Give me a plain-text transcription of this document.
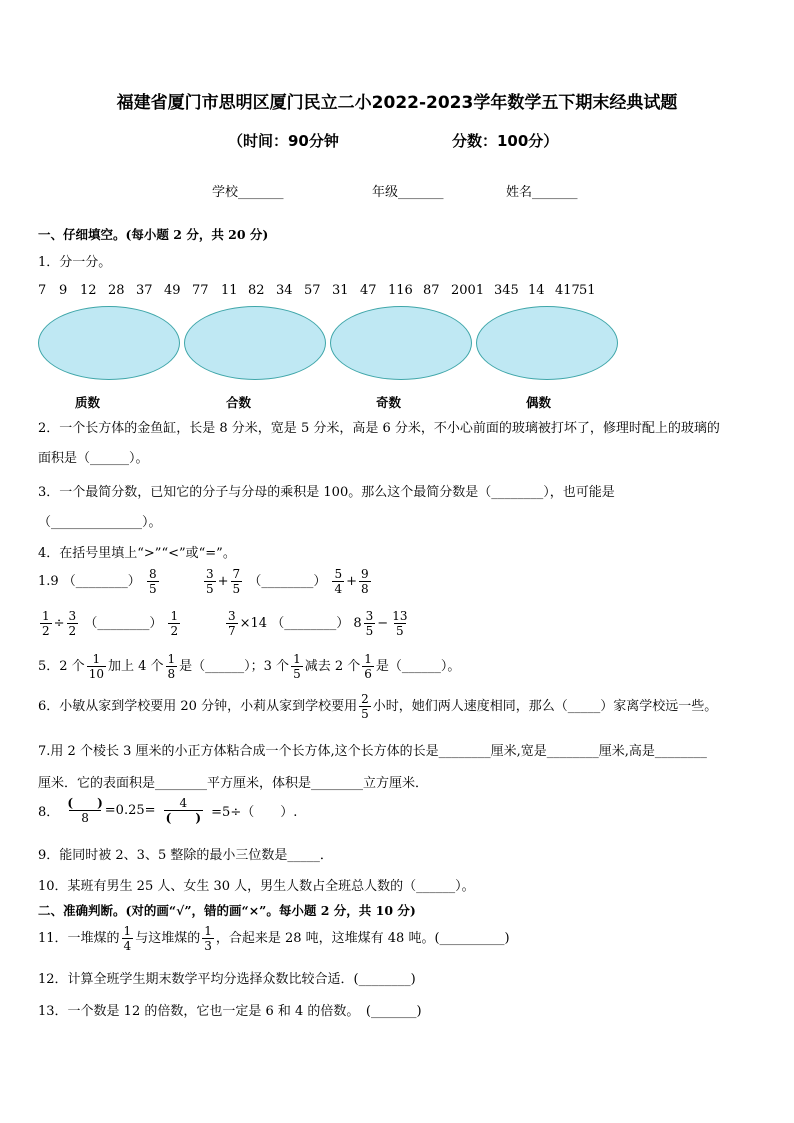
福建省厦门市思明区厦门民立二小2022-2023学年数学五下期末经典试题
（时间：90分钟	分数：100分）
学校_______	年级_______	姓名_______
一、仔细填空。(每小题 2 分，共 20 分)
1．分一分。
7 9 12 28 37 49 77 11 82 34 57 31 47 116 87 2001 345 14 417 51
质数	合数	奇数	偶数
2．一个长方体的金鱼缸，长是 8 分米，宽是 5 分米，高是 6 分米，不小心前面的玻璃被打坏了，修理时配上的玻璃的
面积是（______）。
3．一个最简分数，已知它的分子与分母的乘积是 100。那么这个最简分数是（________），也可能是
（______________）。
4．在括号里填上“>”“<”或“=”。
1.9 （________） $\frac{8}{5}$	$\frac{3}{5} + \frac{7}{5}$ （________） $\frac{5}{4} + \frac{9}{8}$
$\frac{1}{2} \div \frac{3}{2}$ （________） $\frac{1}{2}$	$\frac{3}{7} \times 14$ （________） $8 \frac{3}{5} - \frac{13}{5}$
5．2 个 $\frac{1}{10}$ 加上 4 个 $\frac{1}{8}$ 是（______）；3 个 $\frac{1}{5}$ 减去 2 个 $\frac{1}{6}$ 是（______）。
6．小敏从家到学校要用 20 分钟，小莉从家到学校要用 $\frac{2}{5}$ 小时，她们两人速度相同，那么（_____）家离学校远一些。
7.用 2 个棱长 3 厘米的小正方体粘合成一个长方体,这个长方体的长是________厘米,宽是________厘米,高是________
厘米．它的表面积是________平方厘米，体积是________立方厘米．
8． $\frac{( )}{8} =0.25= \frac{4}{( )} =5\div$（　　）.
9．能同时被 2、3、5 整除的最小三位数是_____．
10．某班有男生 25 人、女生 30 人，男生人数占全班总人数的（______）。
二、准确判断。(对的画“√”，错的画“×”。每小题 2 分，共 10 分)
11．一堆煤的 $\frac{1}{4}$ 与这堆煤的 $\frac{1}{3}$ ，合起来是 28 吨，这堆煤有 48 吨。(__________)
12．计算全班学生期末数学平均分选择众数比较合适．(________)
13．一个数是 12 的倍数，它也一定是 6 和 4 的倍数。　(_______)
